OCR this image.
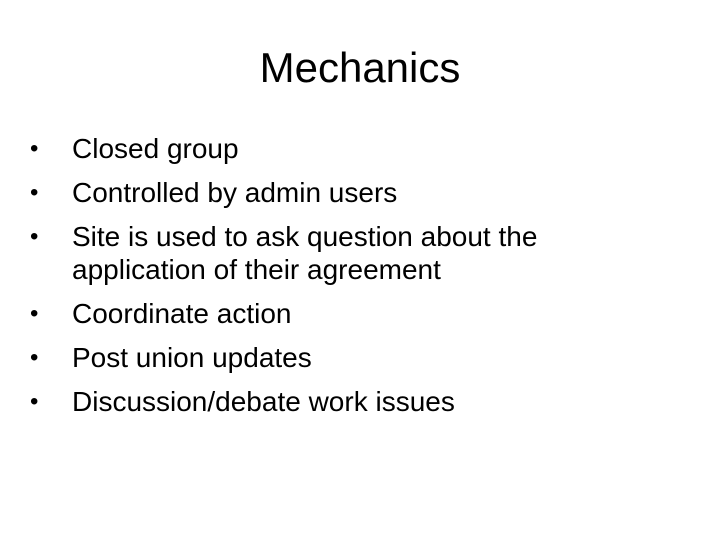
Mechanics
• Closed group
• Controlled by admin users
• Site is used to ask question about the application of their agreement
• Coordinate action
• Post union updates
• Discussion/debate work issues
